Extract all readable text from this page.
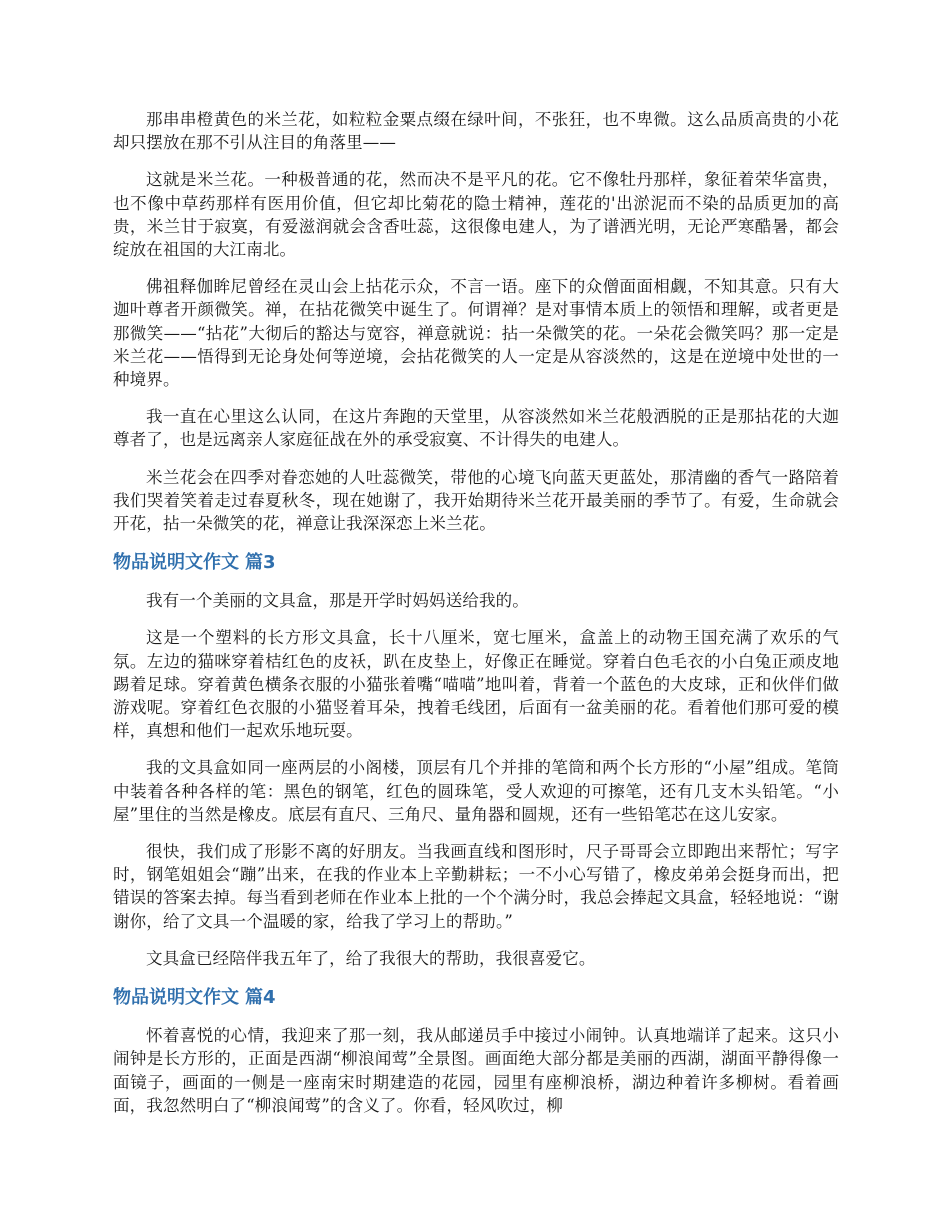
那串串橙黄色的米兰花，如粒粒金粟点缀在绿叶间，不张狂，也不卑微。这么品质高贵的小花却只摆放在那不引从注目的角落里——

这就是米兰花。一种极普通的花，然而决不是平凡的花。它不像牡丹那样，象征着荣华富贵，也不像中草药那样有医用价值，但它却比菊花的隐士精神，莲花的'出淤泥而不染的品质更加的高贵，米兰甘于寂寞，有爱滋润就会含香吐蕊，这很像电建人，为了谱洒光明，无论严寒酷暑，都会绽放在祖国的大江南北。

佛祖释伽眸尼曾经在灵山会上拈花示众，不言一语。座下的众僧面面相觑，不知其意。只有大迦叶尊者开颜微笑。禅，在拈花微笑中诞生了。何谓禅？是对事情本质上的领悟和理解，或者更是那微笑——“拈花”大彻后的豁达与宽容，禅意就说：拈一朵微笑的花。一朵花会微笑吗？那一定是米兰花——悟得到无论身处何等逆境，会拈花微笑的人一定是从容淡然的，这是在逆境中处世的一种境界。

我一直在心里这么认同，在这片奔跑的天堂里，从容淡然如米兰花般洒脱的正是那拈花的大迦尊者了，也是远离亲人家庭征战在外的承受寂寞、不计得失的电建人。

米兰花会在四季对眷恋她的人吐蕊微笑，带他的心境飞向蓝天更蓝处，那清幽的香气一路陪着我们哭着笑着走过春夏秋冬，现在她谢了，我开始期待米兰花开最美丽的季节了。有爱，生命就会开花，拈一朵微笑的花，禅意让我深深恋上米兰花。

物品说明文作文 篇3

我有一个美丽的文具盒，那是开学时妈妈送给我的。

这是一个塑料的长方形文具盒，长十八厘米，宽七厘米，盒盖上的动物王国充满了欢乐的气氛。左边的猫咪穿着桔红色的皮袄，趴在皮垫上，好像正在睡觉。穿着白色毛衣的小白兔正顽皮地踢着足球。穿着黄色横条衣服的小猫张着嘴“喵喵”地叫着，背着一个蓝色的大皮球，正和伙伴们做游戏呢。穿着红色衣服的小猫竖着耳朵，拽着毛线团，后面有一盆美丽的花。看着他们那可爱的模样，真想和他们一起欢乐地玩耍。

我的文具盒如同一座两层的小阁楼，顶层有几个并排的笔筒和两个长方形的“小屋”组成。笔筒中装着各种各样的笔：黑色的钢笔，红色的圆珠笔，受人欢迎的可擦笔，还有几支木头铅笔。“小屋”里住的当然是橡皮。底层有直尺、三角尺、量角器和圆规，还有一些铅笔芯在这儿安家。

很快，我们成了形影不离的好朋友。当我画直线和图形时，尺子哥哥会立即跑出来帮忙；写字时，钢笔姐姐会“蹦”出来，在我的作业本上辛勤耕耘；一不小心写错了，橡皮弟弟会挺身而出，把错误的答案去掉。每当看到老师在作业本上批的一个个满分时，我总会捧起文具盒，轻轻地说：“谢谢你，给了文具一个温暖的家，给我了学习上的帮助。”

文具盒已经陪伴我五年了，给了我很大的帮助，我很喜爱它。

物品说明文作文 篇4

怀着喜悦的心情，我迎来了那一刻，我从邮递员手中接过小闹钟。认真地端详了起来。这只小闹钟是长方形的，正面是西湖“柳浪闻莺”全景图。画面绝大部分都是美丽的西湖，湖面平静得像一面镜子，画面的一侧是一座南宋时期建造的花园，园里有座柳浪桥，湖边种着许多柳树。看着画面，我忽然明白了“柳浪闻莺”的含义了。你看，轻风吹过，柳
